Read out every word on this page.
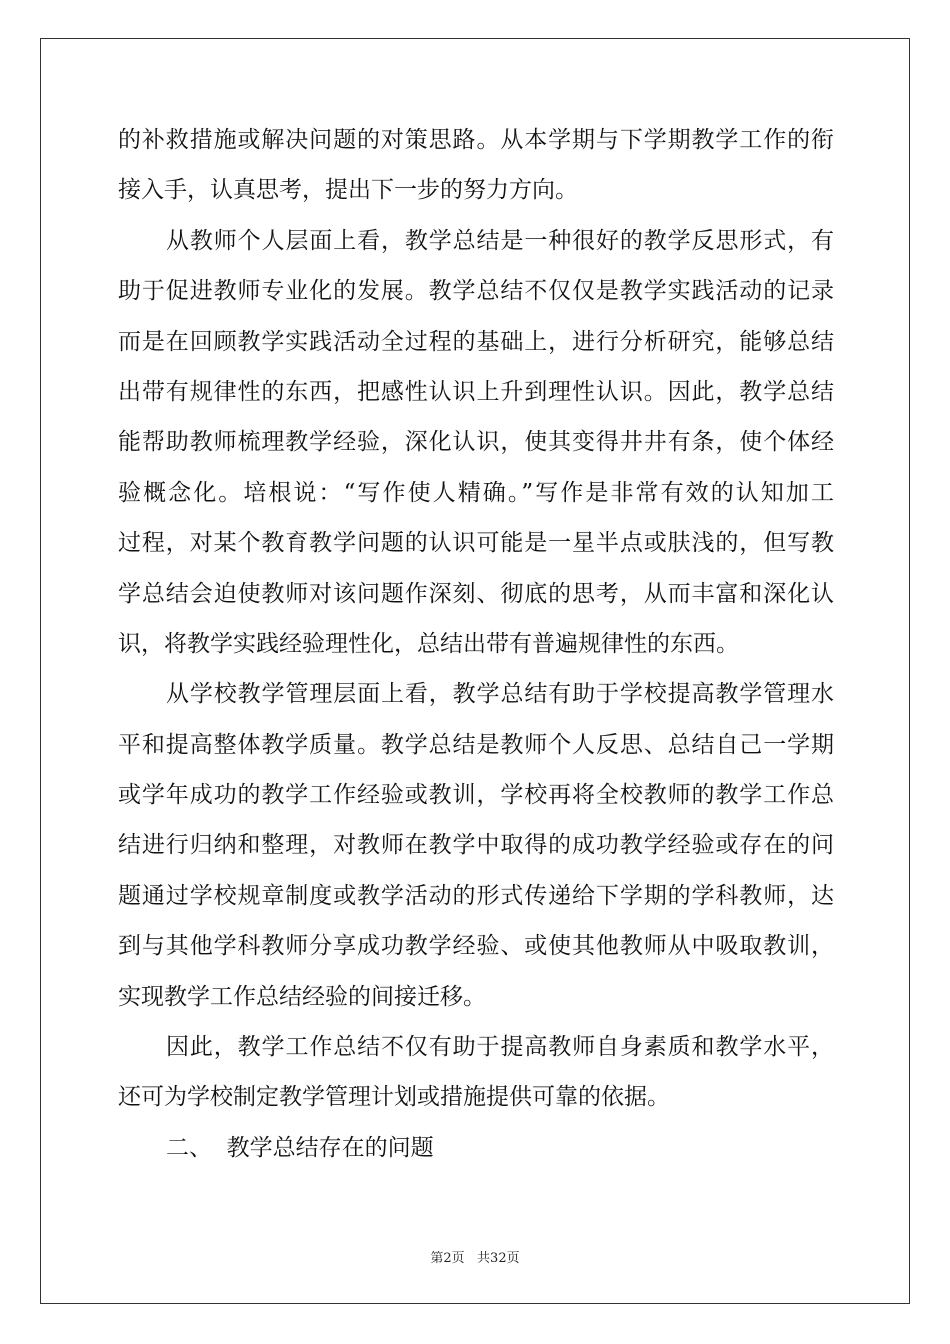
的补救措施或解决问题的对策思路。从本学期与下学期教学工作的衔
接入手，认真思考，提出下一步的努力方向。
从教师个人层面上看，教学总结是一种很好的教学反思形式，有
助于促进教师专业化的发展。教学总结不仅仅是教学实践活动的记录
而是在回顾教学实践活动全过程的基础上，进行分析研究，能够总结
出带有规律性的东西，把感性认识上升到理性认识。因此，教学总结
能帮助教师梳理教学经验，深化认识，使其变得井井有条，使个体经
验概念化。培根说：“写作使人精确。”写作是非常有效的认知加工
过程，对某个教育教学问题的认识可能是一星半点或肤浅的，但写教
学总结会迫使教师对该问题作深刻、彻底的思考，从而丰富和深化认
识，将教学实践经验理性化，总结出带有普遍规律性的东西。
从学校教学管理层面上看，教学总结有助于学校提高教学管理水
平和提高整体教学质量。教学总结是教师个人反思、总结自己一学期
或学年成功的教学工作经验或教训，学校再将全校教师的教学工作总
结进行归纳和整理，对教师在教学中取得的成功教学经验或存在的问
题通过学校规章制度或教学活动的形式传递给下学期的学科教师，达
到与其他学科教师分享成功教学经验、或使其他教师从中吸取教训，
实现教学工作总结经验的间接迁移。
因此，教学工作总结不仅有助于提高教师自身素质和教学水平，
还可为学校制定教学管理计划或措施提供可靠的依据。
二、  教学总结存在的问题
第2页   共32页
